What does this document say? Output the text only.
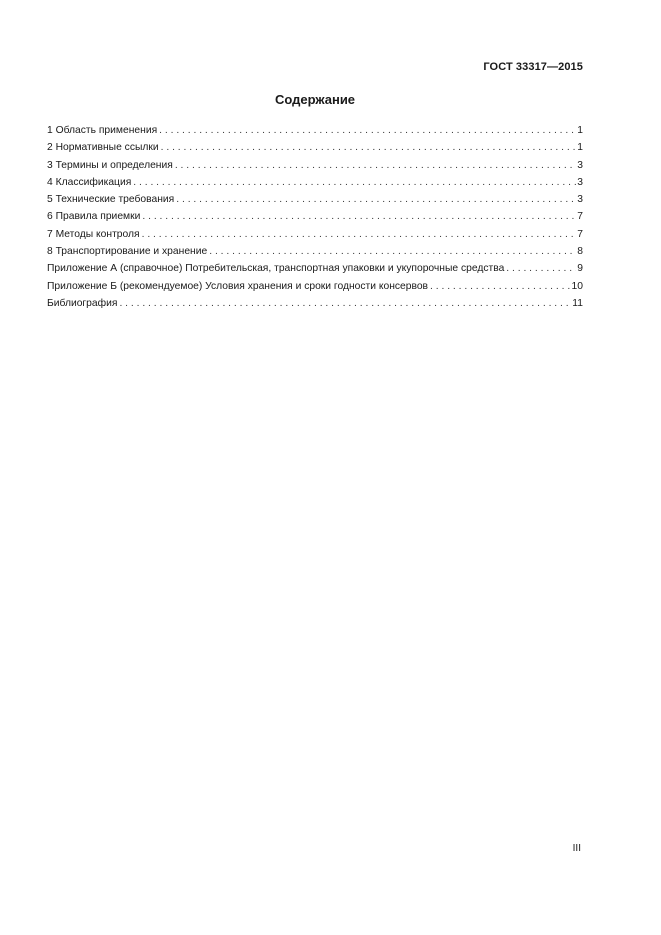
ГОСТ 33317—2015
Содержание
1 Область применения . . .	1
2 Нормативные ссылки . . .	1
3 Термины и определения . . .	3
4 Классификация . . .	3
5 Технические требования . . .	3
6 Правила приемки . . .	7
7 Методы контроля . . .	7
8 Транспортирование и хранение . . .	8
Приложение А (справочное) Потребительская, транспортная упаковки и укупорочные средства . . .	9
Приложение Б (рекомендуемое) Условия хранения и сроки годности консервов . . .	10
Библиография . . .	11
III
